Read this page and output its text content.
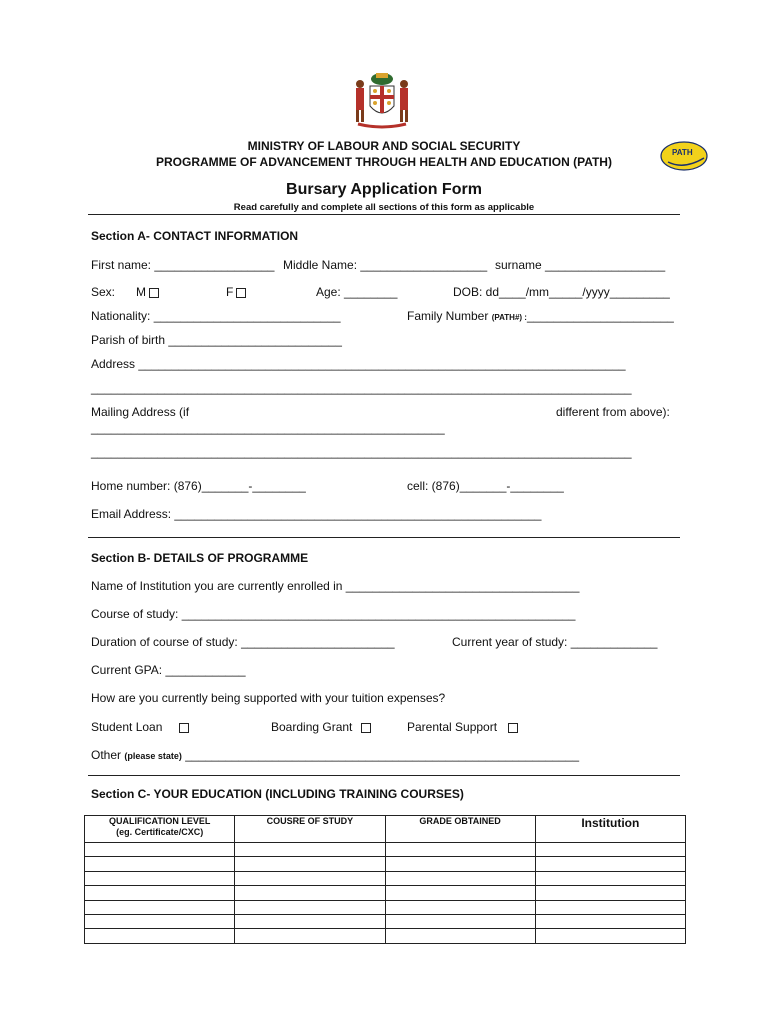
PATH
MINISTRY OF LABOUR AND SOCIAL SECURITY
PROGRAMME OF ADVANCEMENT THROUGH HEALTH AND EDUCATION (PATH)
Bursary Application Form
Read carefully and complete all sections of this form as applicable
Section A- CONTACT INFORMATION
First name: __________________ Middle Name: ___________________ surname __________________
Sex: M	F	Age: ________	DOB: dd____/mm_____/yyyy_________
Nationality: ____________________________	Family Number (PATH#) :______________________
Parish of birth __________________________
Address _________________________________________________________________________
_________________________________________________________________________________
Mailing Address (if	different from above):
_____________________________________________________
_________________________________________________________________________________
Home number: (876)_______-________	cell: (876)_______-________
Email Address: _______________________________________________________
Section B- DETAILS OF PROGRAMME
Name of Institution you are currently enrolled in ___________________________________
Course of study: ___________________________________________________________
Duration of course of study: _______________________	Current year of study: _____________
Current GPA: ____________
How are you currently being supported with your tuition expenses?
Student Loan	Boarding Grant	Parental Support
Other (please state) ___________________________________________________________
Section C- YOUR EDUCATION (INCLUDING TRAINING COURSES)
QUALIFICATION LEVEL
(eg. Certificate/CXC)	COUSRE OF STUDY	GRADE OBTAINED	Institution
